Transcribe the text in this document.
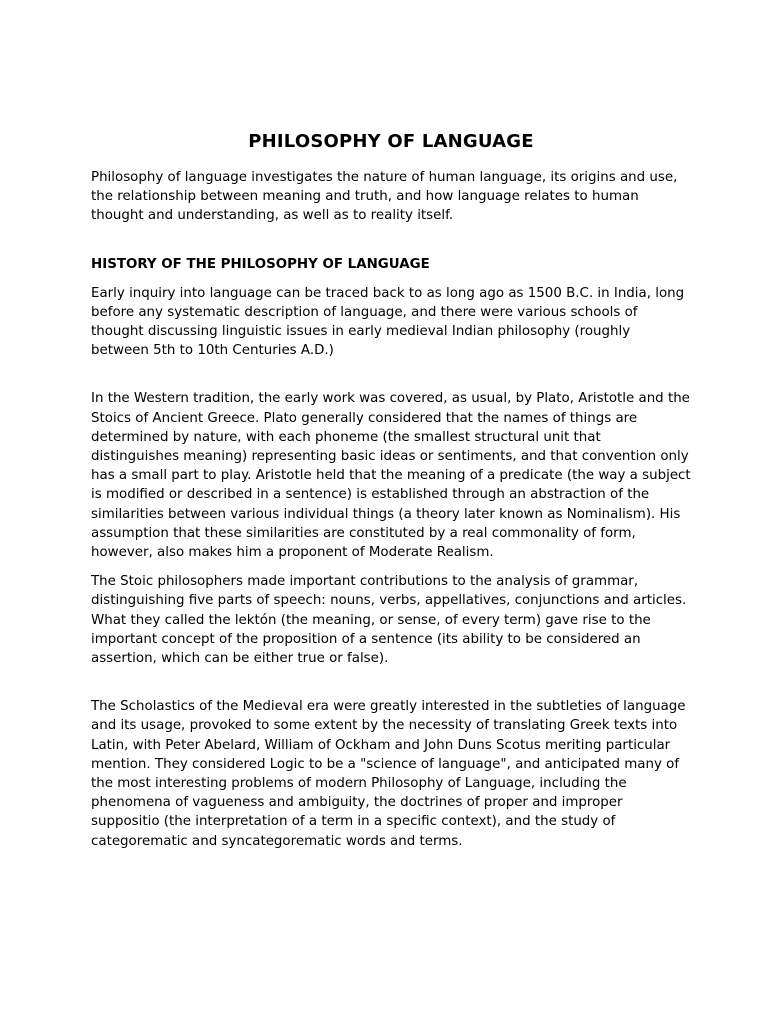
PHILOSOPHY OF LANGUAGE

Philosophy of language investigates the nature of human language, its origins and use, the relationship between meaning and truth, and how language relates to human thought and understanding, as well as to reality itself.

HISTORY OF THE PHILOSOPHY OF LANGUAGE

Early inquiry into language can be traced back to as long ago as 1500 B.C. in India, long before any systematic description of language, and there were various schools of thought discussing linguistic issues in early medieval Indian philosophy (roughly between 5th to 10th Centuries A.D.)

In the Western tradition, the early work was covered, as usual, by Plato, Aristotle and the Stoics of Ancient Greece. Plato generally considered that the names of things are determined by nature, with each phoneme (the smallest structural unit that distinguishes meaning) representing basic ideas or sentiments, and that convention only has a small part to play. Aristotle held that the meaning of a predicate (the way a subject is modified or described in a sentence) is established through an abstraction of the similarities between various individual things (a theory later known as Nominalism). His assumption that these similarities are constituted by a real commonality of form, however, also makes him a proponent of Moderate Realism.

The Stoic philosophers made important contributions to the analysis of grammar, distinguishing five parts of speech: nouns, verbs, appellatives, conjunctions and articles. What they called the lektón (the meaning, or sense, of every term) gave rise to the important concept of the proposition of a sentence (its ability to be considered an assertion, which can be either true or false).

The Scholastics of the Medieval era were greatly interested in the subtleties of language and its usage, provoked to some extent by the necessity of translating Greek texts into Latin, with Peter Abelard, William of Ockham and John Duns Scotus meriting particular mention. They considered Logic to be a "science of language", and anticipated many of the most interesting problems of modern Philosophy of Language, including the phenomena of vagueness and ambiguity, the doctrines of proper and improper suppositio (the interpretation of a term in a specific context), and the study of categorematic and syncategorematic words and terms.
